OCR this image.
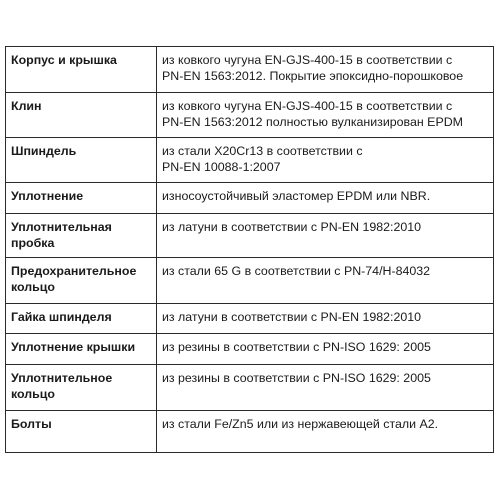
Корпус и крышка	из ковкого чугуна EN-GJS-400-15 в соответствии с
PN-EN 1563:2012. Покрытие эпоксидно-порошковое

Клин	из ковкого чугуна EN-GJS-400-15 в соответствии с
PN-EN 1563:2012 полностью вулканизирован EPDM

Шпиндель	из стали X20Cr13 в соответствии с
PN-EN 10088-1:2007

Уплотнение	износоустойчивый эластомер EPDM или NBR.

Уплотнительная
пробка	из латуни в соответствии с PN-EN 1982:2010

Предохранительное
кольцо	из стали 65 G в соответствии с PN-74/H-84032

Гайка шпинделя	из латуни в соответствии с PN-EN 1982:2010

Уплотнение крышки	из резины в соответствии с PN-ISO 1629: 2005

Уплотнительное
кольцо	из резины в соответствии с PN-ISO 1629: 2005

Болты	из стали Fe/Zn5 или из нержавеющей стали A2.
